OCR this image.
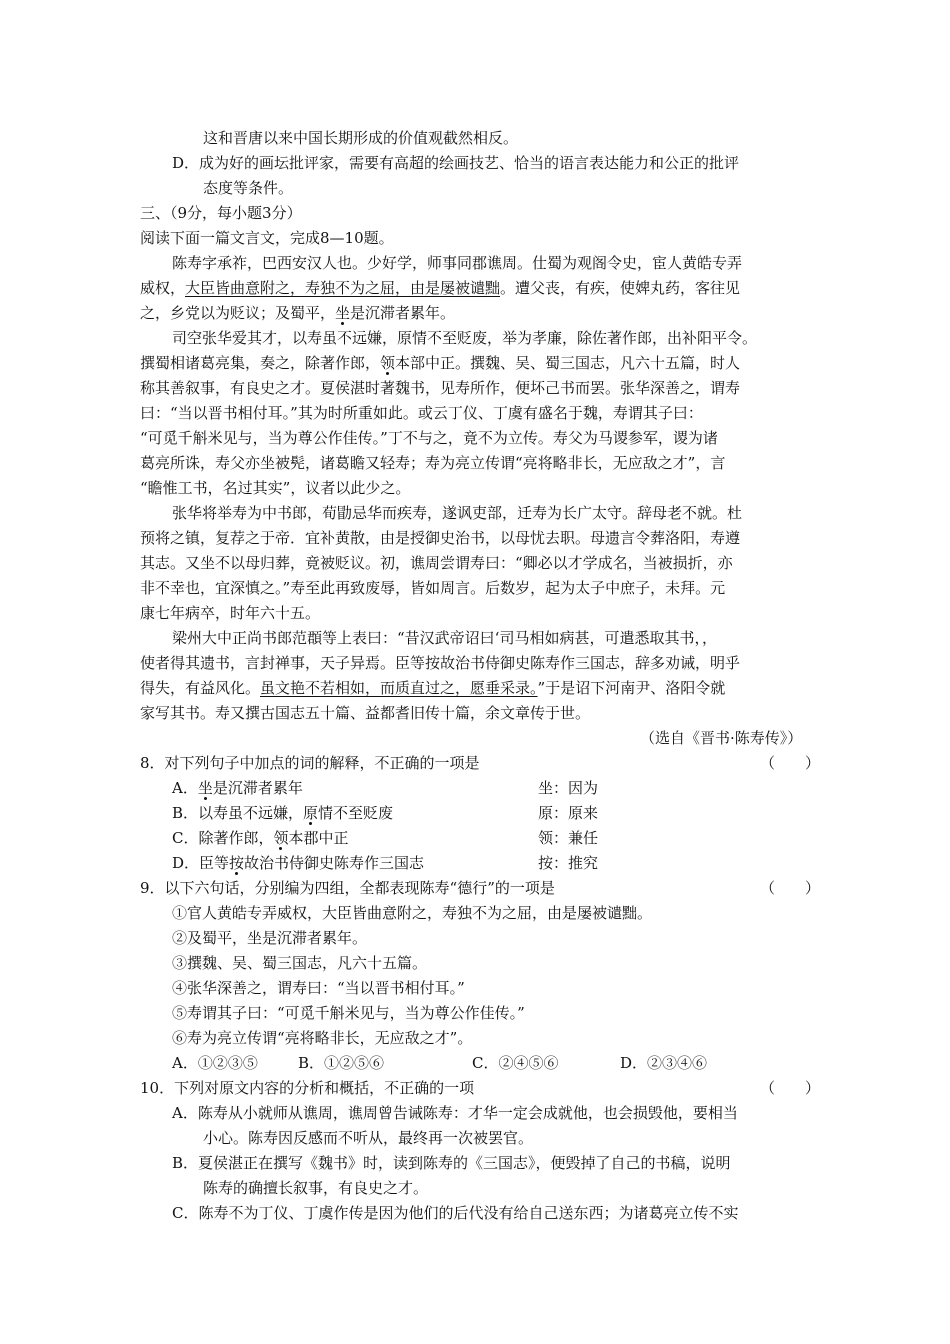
这和晋唐以来中国长期形成的价值观截然相反。
D．成为好的画坛批评家，需要有高超的绘画技艺、恰当的语言表达能力和公正的批评
态度等条件。
三、（9分，每小题3分）
阅读下面一篇文言文，完成8—10题。
陈寿字承祚，巴西安汉人也。少好学，师事同郡谯周。仕蜀为观阁令史，宦人黄皓专弄
威权，大臣皆曲意附之，寿独不为之屈，由是屡被谴黜。遭父丧，有疾，使婢丸药，客往见
之，乡党以为贬议；及蜀平，坐是沉滞者累年。
司空张华爱其才，以寿虽不远嫌，原情不至贬废，举为孝廉，除佐著作郎，出补阳平令。
撰蜀相诸葛亮集，奏之，除著作郎，领本部中正。撰魏、吴、蜀三国志，凡六十五篇，时人
称其善叙事，有良史之才。夏侯湛时著魏书，见寿所作，便坏己书而罢。张华深善之，谓寿
曰：“当以晋书相付耳。”其为时所重如此。或云丁仪、丁虞有盛名于魏，寿谓其子曰：
“可觅千斛米见与，当为尊公作佳传。”丁不与之，竟不为立传。寿父为马谡参军，谡为诸
葛亮所诛，寿父亦坐被髡，诸葛瞻又轻寿；寿为亮立传谓“亮将略非长，无应敌之才”，言
“瞻惟工书，名过其实”，议者以此少之。
张华将举寿为中书郎，荀勖忌华而疾寿，遂讽吏部，迁寿为长广太守。辞母老不就。杜
预将之镇，复荐之于帝．宜补黄散，由是授御史治书，以母忧去职。母遗言令葬洛阳，寿遵
其志。又坐不以母归葬，竟被贬议。初，谯周尝谓寿曰：“卿必以才学成名，当被损折，亦
非不幸也，宜深慎之。”寿至此再致废辱，皆如周言。后数岁，起为太子中庶子，未拜。元
康七年病卒，时年六十五。
梁州大中正尚书郎范頵等上表曰：“昔汉武帝诏曰‘司马相如病甚，可遣悉取其书，，
使者得其遗书，言封禅事，天子异焉。臣等按故治书侍御史陈寿作三国志，辞多劝诫，明乎
得失，有益风化。虽文艳不若相如，而质直过之，愿垂采录。”于是诏下河南尹、洛阳令就
家写其书。寿又撰古国志五十篇、益都耆旧传十篇，余文章传于世。
（选自《晋书·陈寿传》）
8．对下列句子中加点的词的解释，不正确的一项是	（　　）
A．坐是沉滞者累年	坐：因为
B．以寿虽不远嫌，原情不至贬废	原：原来
C．除著作郎，领本郡中正	领：兼任
D．臣等按故治书侍御史陈寿作三国志	按：推究
9．以下六句话，分别编为四组，全都表现陈寿“德行”的一项是	（　　）
①官人黄皓专弄威权，大臣皆曲意附之，寿独不为之屈，由是屡被谴黜。
②及蜀平，坐是沉滞者累年。
③撰魏、吴、蜀三国志，凡六十五篇。
④张华深善之，谓寿曰：“当以晋书相付耳。”
⑤寿谓其子曰：“可觅千斛米见与，当为尊公作佳传。”
⑥寿为亮立传谓“亮将略非长，无应敌之才”。
A．①②③⑤	B．①②⑤⑥	C．②④⑤⑥	D．②③④⑥
10．下列对原文内容的分析和概括，不正确的一项	（　　）
A．陈寿从小就师从谯周，谯周曾告诫陈寿：才华一定会成就他，也会损毁他，要相当
小心。陈寿因反感而不听从，最终再一次被罢官。
B．夏侯湛正在撰写《魏书》时，读到陈寿的《三国志》，便毁掉了自己的书稿，说明
陈寿的确擅长叙事，有良史之才。
C．陈寿不为丁仪、丁虞作传是因为他们的后代没有给自己送东西；为诸葛亮立传不实
